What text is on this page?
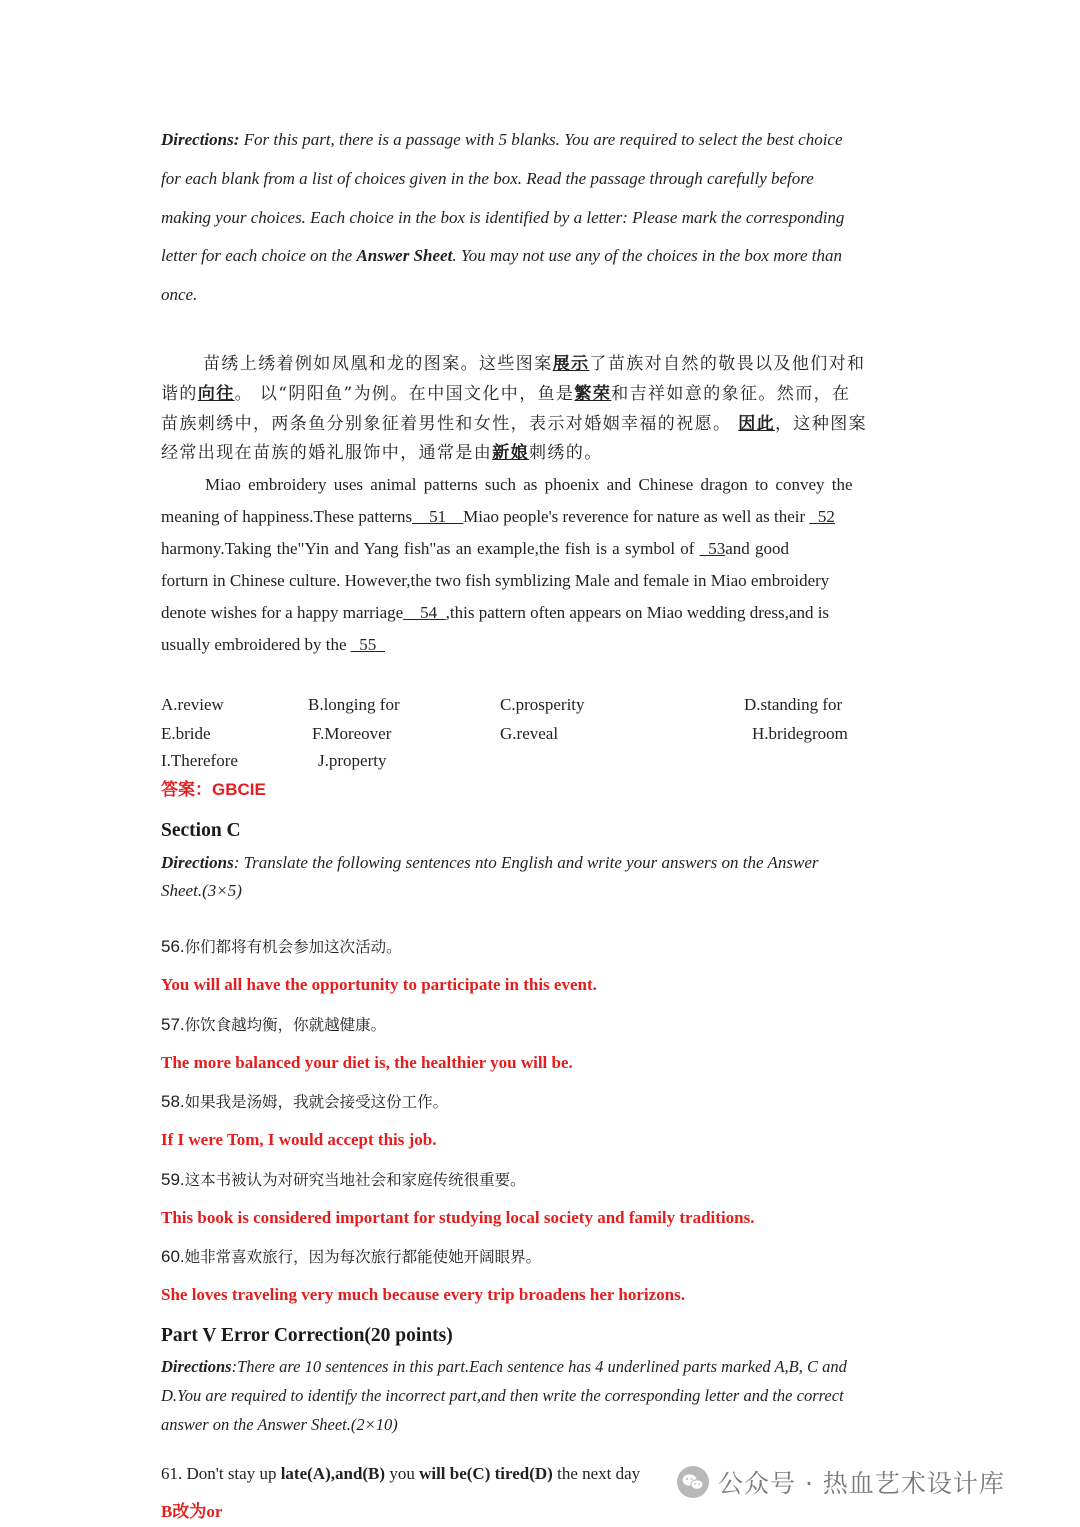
Directions: For this part, there is a passage with 5 blanks. You are required to select the best choice
for each blank from a list of choices given in the box. Read the passage through carefully before
making your choices. Each choice in the box is identified by a letter: Please mark the corresponding
letter for each choice on the Answer Sheet. You may not use any of the choices in the box more than
once.
苗绣上绣着例如凤凰和龙的图案。这些图案展示了苗族对自然的敬畏以及他们对和
谐的向往。 以“阴阳鱼”为例。在中国文化中，鱼是繁荣和吉祥如意的象征。然而，在
苗族刺绣中，两条鱼分别象征着男性和女性，表示对婚姻幸福的祝愿。 因此，这种图案
经常出现在苗族的婚礼服饰中，通常是由新娘刺绣的。
Miao embroidery uses animal patterns such as phoenix and Chinese dragon to convey the
meaning of happiness.These patterns__51__Miao people's reverence for nature as well as their _52
harmony.Taking the"Yin and Yang fish"as an example,the fish is a symbol of _53and good
forturn in Chinese culture. However,the two fish symblizing Male and female in Miao embroidery
denote wishes for a happy marriage__54_,this pattern often appears on Miao wedding dress,and is
usually embroidered by the _55_
A.review	B.longing for	C.prosperity	D.standing for
E.bride	F.Moreover	G.reveal	H.bridegroom
I.Therefore	J.property
答案：GBCIE
Section C
Directions: Translate the following sentences nto English and write your answers on the Answer
Sheet.(3×5)
56.你们都将有机会参加这次活动。
You will all have the opportunity to participate in this event.
57.你饮食越均衡，你就越健康。
The more balanced your diet is, the healthier you will be.
58.如果我是汤姆，我就会接受这份工作。
If I were Tom, I would accept this job.
59.这本书被认为对研究当地社会和家庭传统很重要。
This book is considered important for studying local society and family traditions.
60.她非常喜欢旅行，因为每次旅行都能使她开阔眼界。
She loves traveling very much because every trip broadens her horizons.
Part V Error Correction(20 points)
Directions:There are 10 sentences in this part.Each sentence has 4 underlined parts marked A,B, C and
D.You are required to identify the incorrect part,and then write the corresponding letter and the correct
answer on the Answer Sheet.(2×10)
61. Don't stay up late(A),and(B) you will be(C) tired(D) the next day
B改为or
公众号 · 热血艺术设计库
